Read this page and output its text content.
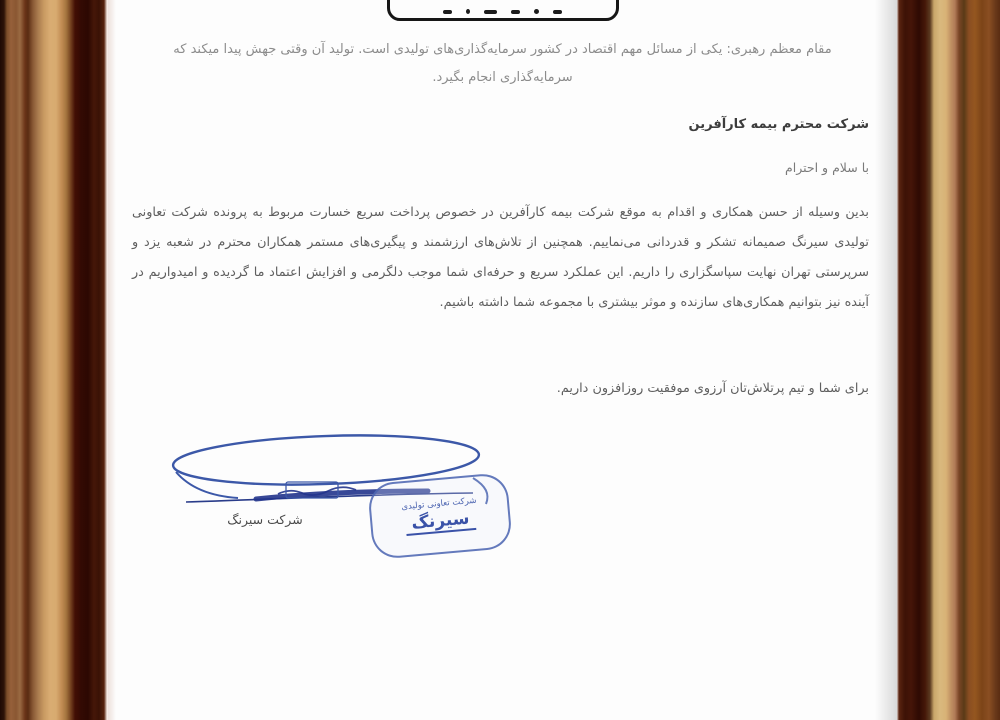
مقام معظم رهبری: یکی از مسائل مهم اقتصاد در کشور سرمایه‌گذاری‌های تولیدی است. تولید آن وقتی جهش پیدا میکند که سرمایه‌گذاری انجام بگیرد.
شرکت محترم بیمه کارآفرین
با سلام و احترام
بدین وسیله از حسن همکاری و اقدام به موقع شرکت بیمه کارآفرین در خصوص پرداخت سریع خسارت مربوط به پرونده شرکت تعاونی تولیدی سیرنگ صمیمانه تشکر و قدردانی می‌نماییم. همچنین از تلاش‌های ارزشمند و پیگیری‌های مستمر همکاران محترم در شعبه یزد و سرپرستی تهران نهایت سپاسگزاری را داریم. این عملکرد سریع و حرفه‌ای شما موجب دلگرمی و افزایش اعتماد ما گردیده و امیدواریم در آینده نیز بتوانیم همکاری‌های سازنده و موثر بیشتری با مجموعه شما داشته باشیم.
برای شما و تیم پرتلاش‌تان آرزوی موفقیت روزافزون داریم.
شرکت سیرنگ
شرکت تعاونی تولیدی
سیرنگ
